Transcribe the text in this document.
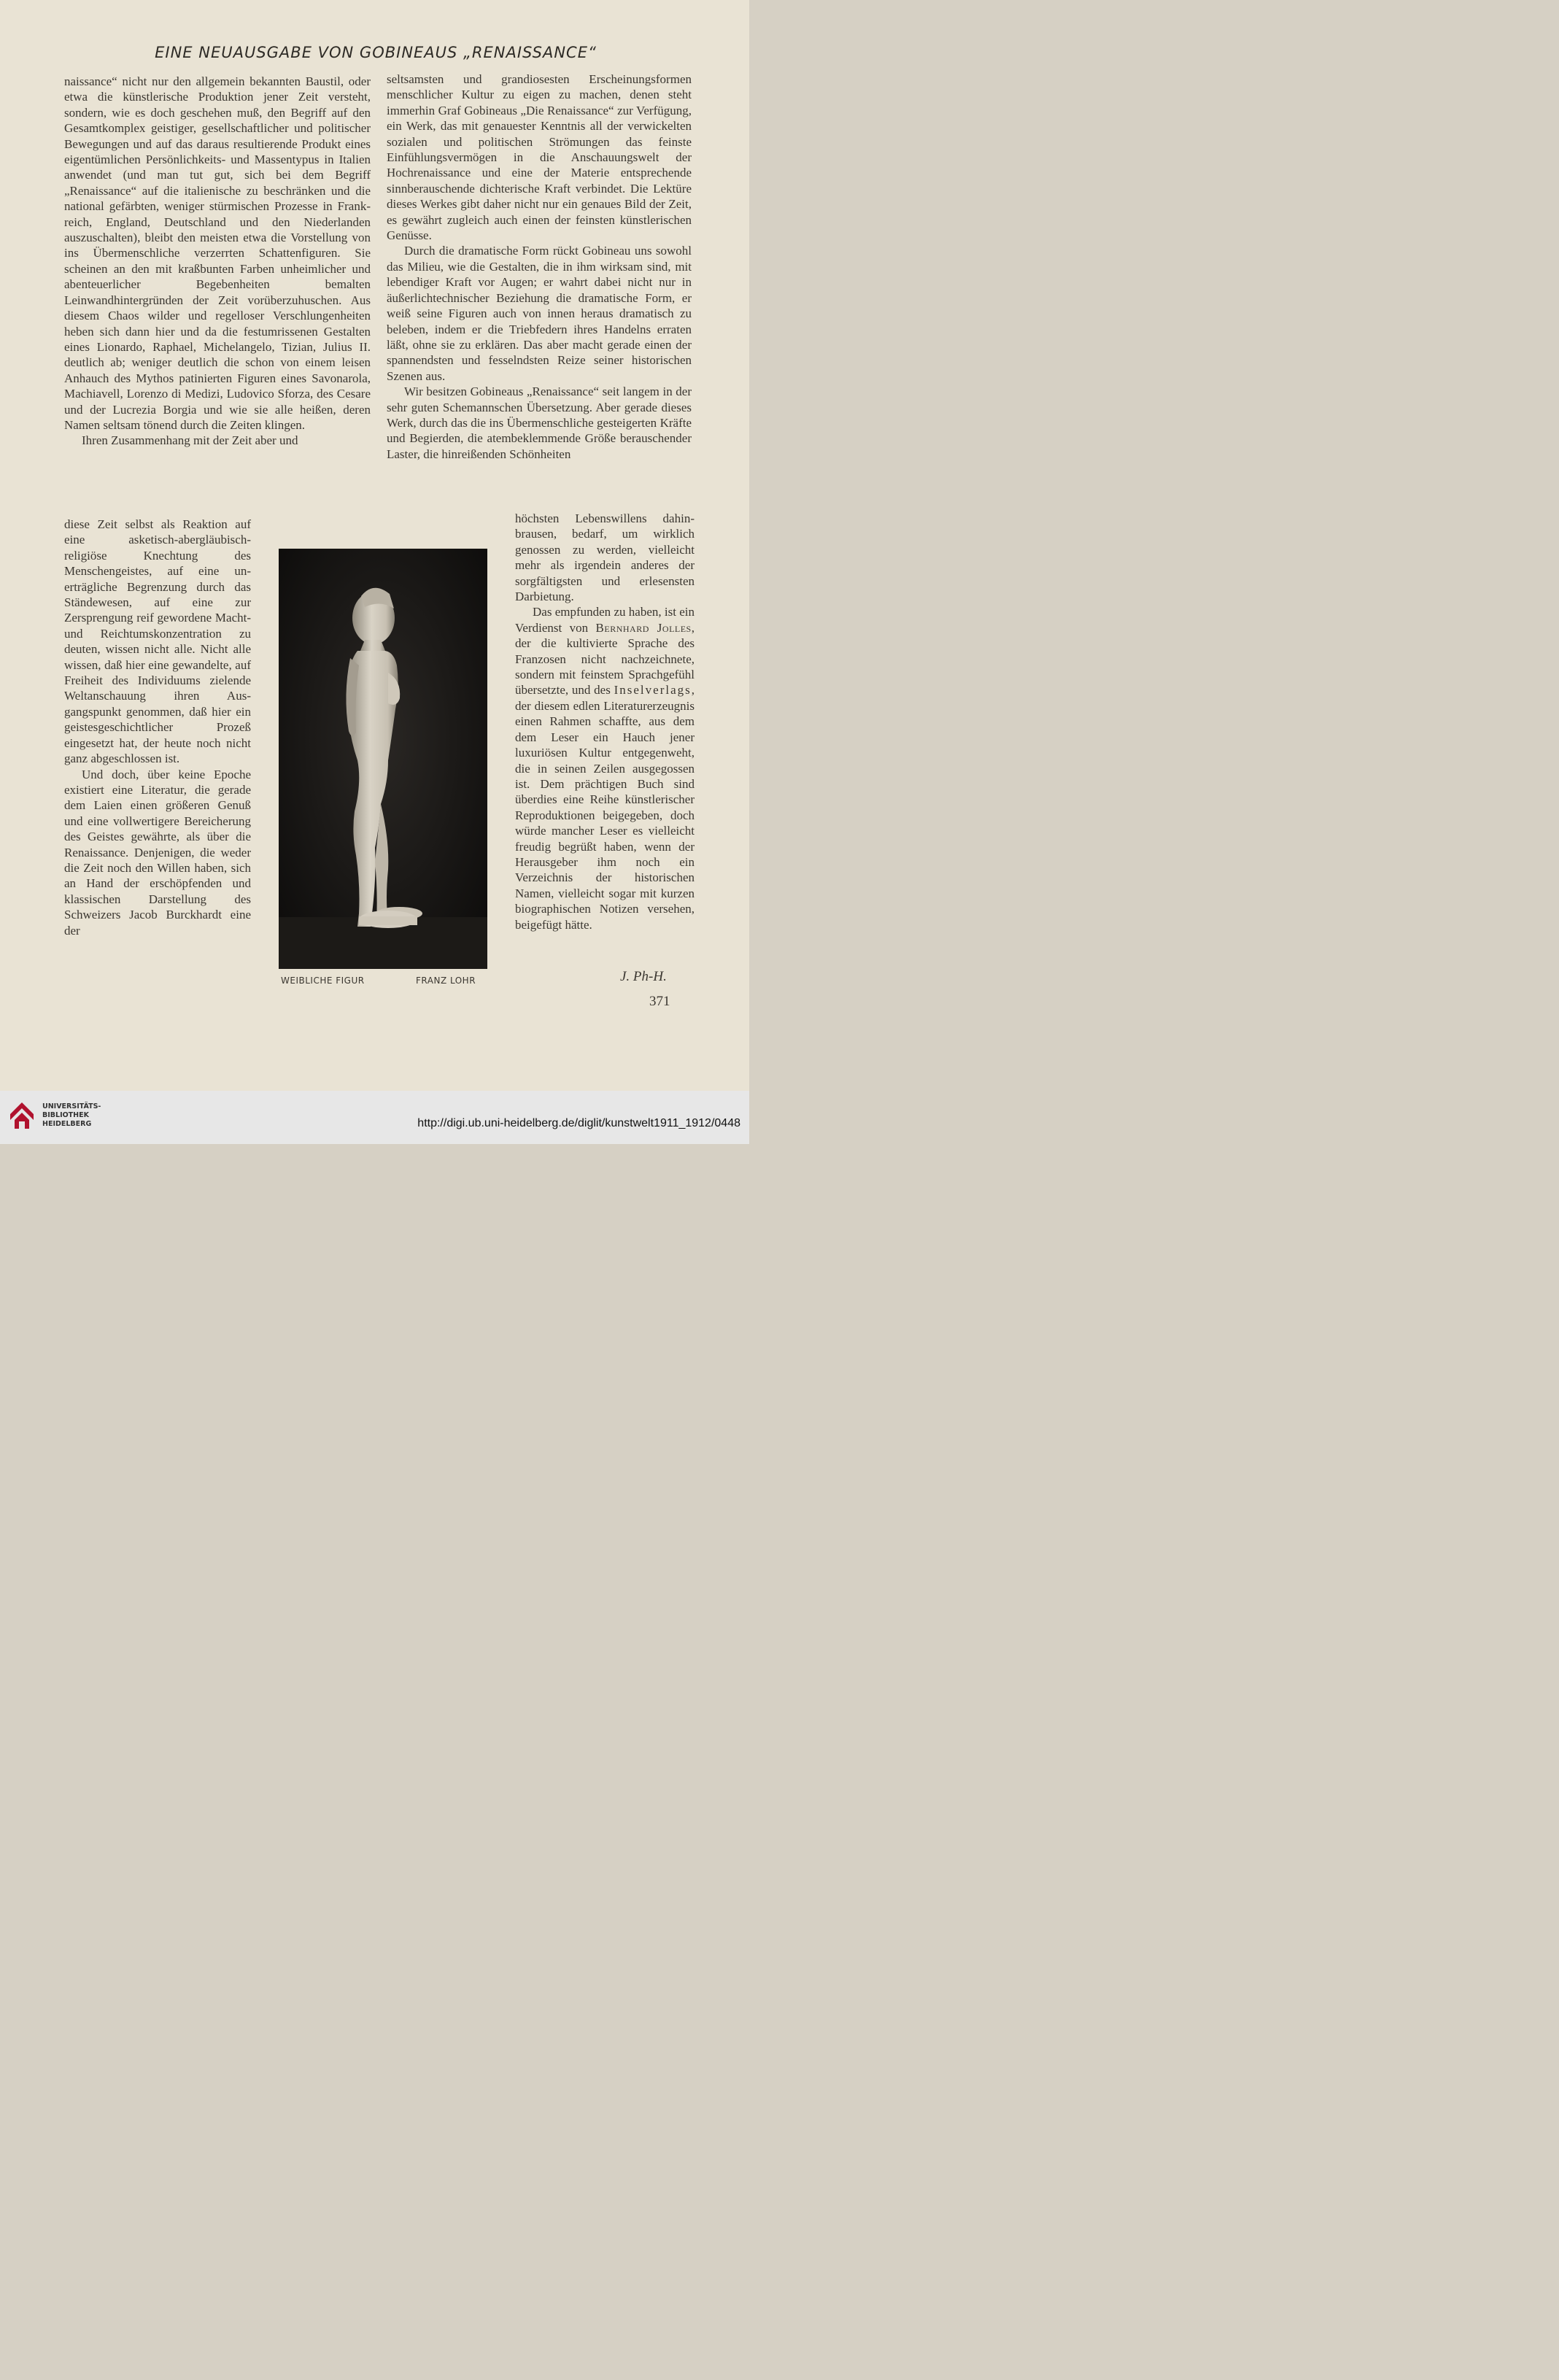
EINE NEUAUSGABE VON GOBINEAUS „RENAISSANCE“

naissance“ nicht nur den allgemein bekannten Baustil, oder etwa die künstlerische Produktion jener Zeit versteht, sondern, wie es doch geschehen muß, den Begriff auf den Gesamtkomplex geistiger, gesellschaftlicher und politischer Bewegungen und auf das daraus resultierende Produkt eines eigentümlichen Persönlichkeits- und Massentypus in Italien anwendet (und man tut gut, sich bei dem Begriff „Renaissance“ auf die italienische zu beschränken und die national gefärbten, weniger stürmischen Prozesse in Frankreich, England, Deutschland und den Niederlanden auszuschalten), bleibt den meisten etwa die Vorstellung von ins Übermenschliche verzerrten Schattenfiguren. Sie scheinen an den mit kraßbunten Farben unheimlicher und abenteuerlicher Begebenheiten bemalten Leinwandhintergründen der Zeit vorüberzuhuschen. Aus diesem Chaos wilder und regelloser Verschlungenheiten heben sich dann hier und da die festumrissenen Gestalten eines Lionardo, Raphael, Michelangelo, Tizian, Julius II. deutlich ab; weniger deutlich die schon von einem leisen Anhauch des Mythos patinierten Figuren eines Savonarola, Machiavell, Lorenzo di Medizi, Ludovico Sforza, des Cesare und der Lucrezia Borgia und wie sie alle heißen, deren Namen seltsam tönend durch die Zeiten klingen.

Ihren Zusammenhang mit der Zeit aber und

diese Zeit selbst als Reaktion auf eine asketisch-abergläubisch-religiöse Knechtung des Menschengeistes, auf eine unerträgliche Begrenzung durch das Ständewesen, auf eine zur Zersprengung reif gewordene Macht- und Reichtumskonzentration zu deuten, wissen nicht alle. Nicht alle wissen, daß hier eine gewandelte, auf Freiheit des Individuums zielende Weltanschauung ihren Ausgangspunkt genommen, daß hier ein geistesgeschichtlicher Prozeß eingesetzt hat, der heute noch nicht ganz abgeschlossen ist.

Und doch, über keine Epoche existiert eine Literatur, die gerade dem Laien einen größeren Genuß und eine vollwertigere Bereicherung des Geistes gewährte, als über die Renaissance. Denjenigen, die weder die Zeit noch den Willen haben, sich an Hand der erschöpfenden und klassischen Darstellung des Schweizers Jacob Burckhardt eine der

seltsamsten und grandiosesten Erscheinungsformen menschlicher Kultur zu eigen zu machen, denen steht immerhin Graf Gobineaus „Die Renaissance“ zur Verfügung, ein Werk, das mit genauester Kenntnis all der verwickelten sozialen und politischen Strömungen das feinste Einfühlungsvermögen in die Anschauungswelt der Hochrenaissance und eine der Materie entsprechende sinnberauschende dichterische Kraft verbindet. Die Lektüre dieses Werkes gibt daher nicht nur ein genaues Bild der Zeit, es gewährt zugleich auch einen der feinsten künstlerischen Genüsse.

Durch die dramatische Form rückt Gobineau uns sowohl das Milieu, wie die Gestalten, die in ihm wirksam sind, mit lebendiger Kraft vor Augen; er wahrt dabei nicht nur in äußerlichtechnischer Beziehung die dramatische Form, er weiß seine Figuren auch von innen heraus dramatisch zu beleben, indem er die Triebfedern ihres Handelns erraten läßt, ohne sie zu erklären. Das aber macht gerade einen der spannendsten und fesselndsten Reize seiner historischen Szenen aus.

Wir besitzen Gobineaus „Renaissance“ seit langem in der sehr guten Schemannschen Übersetzung. Aber gerade dieses Werk, durch das die ins Übermenschliche gesteigerten Kräfte und Begierden, die atembeklemmende Größe berauschender Laster, die hinreißenden Schönheiten

höchsten Lebenswillens dahinbrausen, bedarf, um wirklich genossen zu werden, vielleicht mehr als irgendein anderes der sorgfältigsten und erlesensten Darbietung.

Das empfunden zu haben, ist ein Verdienst von Bernhard Jolles, der die kultivierte Sprache des Franzosen nicht nachzeichnete, sondern mit feinstem Sprachgefühl übersetzte, und des Inselverlags, der diesem edlen Literaturerzeugnis einen Rahmen schaffte, aus dem dem Leser ein Hauch jener luxuriösen Kultur entgegenweht, die in seinen Zeilen ausgegossen ist. Dem prächtigen Buch sind überdies eine Reihe künstlerischer Reproduktionen beigegeben, doch würde mancher Leser es vielleicht freudig begrüßt haben, wenn der Herausgeber ihm noch ein Verzeichnis der historischen Namen, vielleicht sogar mit kurzen biographischen Notizen versehen, beigefügt hätte.

WEIBLICHE FIGUR	FRANZ LOHR	J. Ph-H.
371
UNIVERSITÄTS-
BIBLIOTHEK
HEIDELBERG	http://digi.ub.uni-heidelberg.de/diglit/kunstwelt1911_1912/0448
